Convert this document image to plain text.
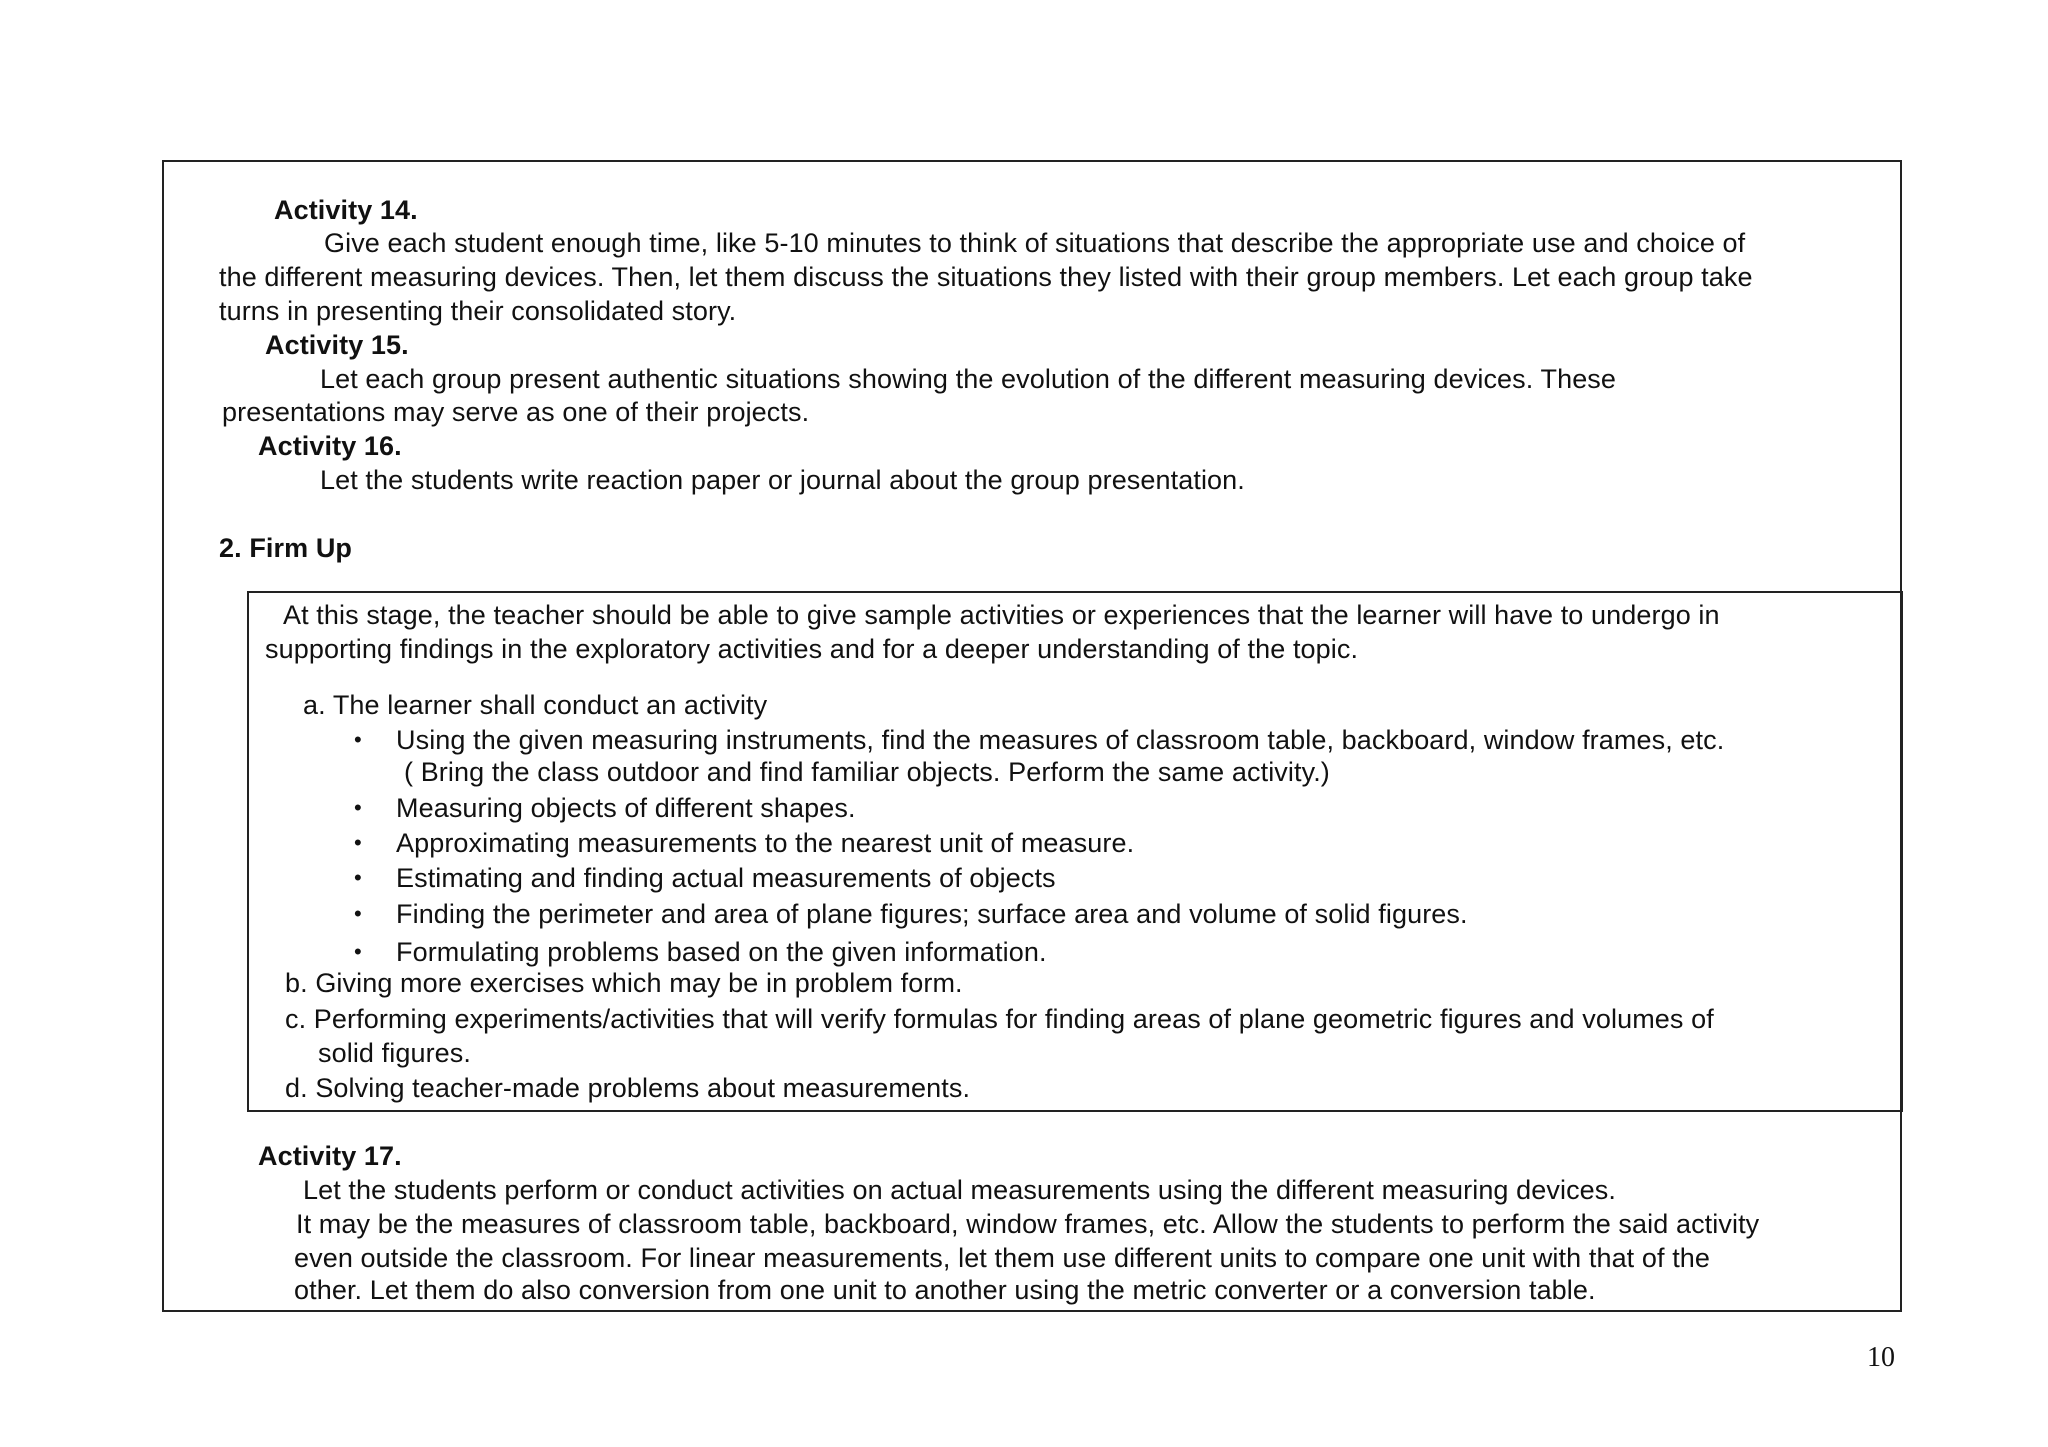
Activity 14.
Give each student enough time, like 5-10 minutes to think of situations that describe the appropriate use and choice of
the different measuring devices. Then, let them discuss the situations they listed with their group members. Let each group take
turns in presenting their consolidated story.
Activity 15.
Let each group present authentic situations showing the evolution of the different measuring devices. These
presentations may serve as one of their projects.
Activity 16.
Let the students write reaction paper or journal about the group presentation.
2. Firm Up
At this stage, the teacher should be able to give sample activities or experiences that the learner will have to undergo in
supporting findings in the exploratory activities and for a deeper understanding of the topic.
a. The learner shall conduct an activity
• Using the given measuring instruments, find the measures of classroom table, backboard, window frames, etc.
( Bring the class outdoor and find familiar objects. Perform the same activity.)
• Measuring objects of different shapes.
• Approximating measurements to the nearest unit of measure.
• Estimating and finding actual measurements of objects
• Finding the perimeter and area of plane figures; surface area and volume of solid figures.
• Formulating problems based on the given information.
b. Giving more exercises which may be in problem form.
c. Performing experiments/activities that will verify formulas for finding areas of plane geometric figures and volumes of
solid figures.
d. Solving teacher-made problems about measurements.
Activity 17.
Let the students perform or conduct activities on actual measurements using the different measuring devices.
It may be the measures of classroom table, backboard, window frames, etc. Allow the students to perform the said activity
even outside the classroom. For linear measurements, let them use different units to compare one unit with that of the
other. Let them do also conversion from one unit to another using the metric converter or a conversion table.
10
